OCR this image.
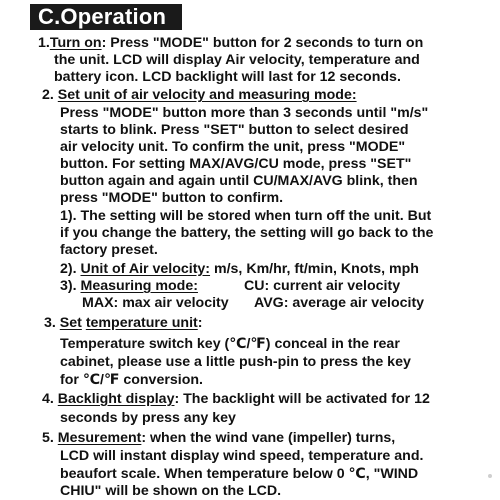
C.Operation
1.Turn on: Press "MODE" button for 2 seconds to turn on
the unit. LCD will display Air velocity, temperature and
battery icon. LCD backlight will last for 12 seconds.
2. Set unit of air velocity and measuring mode:
Press "MODE" button more than 3 seconds until "m/s"
starts to blink. Press "SET" button to select desired
air velocity unit. To confirm the unit, press "MODE"
button. For setting MAX/AVG/CU mode, press "SET"
button again and again until CU/MAX/AVG blink, then
press "MODE" button to confirm.
1). The setting will be stored when turn off the unit. But
if you change the battery, the setting will go back to the
factory preset.
2). Unit of Air velocity: m/s, Km/hr, ft/min, Knots, mph
3). Measuring mode:	CU: current air velocity
MAX: max air velocity AVG: average air velocity
3. Set temperature unit:
Temperature switch key (℃/℉) conceal in the rear
cabinet, please use a little push-pin to press the key
for ℃/℉ conversion.
4. Backlight display: The backlight will be activated for 12
seconds by press any key
5. Mesurement: when the wind vane (impeller) turns,
LCD will instant display wind speed, temperature and.
beaufort scale. When temperature below 0 ℃, "WIND
CHIU" will be shown on the LCD.
